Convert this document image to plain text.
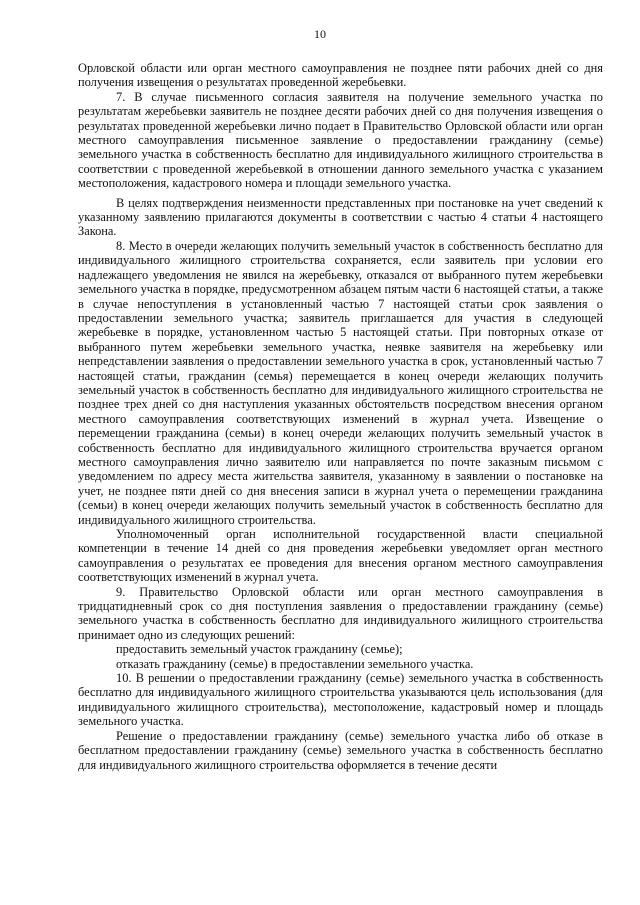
10

Орловской области или орган местного самоуправления не позднее пяти рабочих дней со дня получения извещения о результатах проведенной жеребьевки.

7. В случае письменного согласия заявителя на получение земельного участка по результатам жеребьевки заявитель не позднее десяти рабочих дней со дня получения извещения о результатах проведенной жеребьевки лично подает в Правительство Орловской области или орган местного самоуправления письменное заявление о предоставлении гражданину (семье) земельного участка в собственность бесплатно для индивидуального жилищного строительства в соответствии с проведенной жеребьевкой в отношении данного земельного участка с указанием местоположения, кадастрового номера и площади земельного участка.

В целях подтверждения неизменности представленных при постановке на учет сведений к указанному заявлению прилагаются документы в соответствии с частью 4 статьи 4 настоящего Закона.

8. Место в очереди желающих получить земельный участок в собственность бесплатно для индивидуального жилищного строительства сохраняется, если заявитель при условии его надлежащего уведомления не явился на жеребьевку, отказался от выбранного путем жеребьевки земельного участка в порядке, предусмотренном абзацем пятым части 6 настоящей статьи, а также в случае непоступления в установленный частью 7 настоящей статьи срок заявления о предоставлении земельного участка; заявитель приглашается для участия в следующей жеребьевке в порядке, установленном частью 5 настоящей статьи. При повторных отказе от выбранного путем жеребьевки земельного участка, неявке заявителя на жеребьевку или непредставлении заявления о предоставлении земельного участка в срок, установленный частью 7 настоящей статьи, гражданин (семья) перемещается в конец очереди желающих получить земельный участок в собственность бесплатно для индивидуального жилищного строительства не позднее трех дней со дня наступления указанных обстоятельств посредством внесения органом местного самоуправления соответствующих изменений в журнал учета. Извещение о перемещении гражданина (семьи) в конец очереди желающих получить земельный участок в собственность бесплатно для индивидуального жилищного строительства вручается органом местного самоуправления лично заявителю или направляется по почте заказным письмом с уведомлением по адресу места жительства заявителя, указанному в заявлении о постановке на учет, не позднее пяти дней со дня внесения записи в журнал учета о перемещении гражданина (семьи) в конец очереди желающих получить земельный участок в собственность бесплатно для индивидуального жилищного строительства.

Уполномоченный орган исполнительной государственной власти специальной компетенции в течение 14 дней со дня проведения жеребьевки уведомляет орган местного самоуправления о результатах ее проведения для внесения органом местного самоуправления соответствующих изменений в журнал учета.

9. Правительство Орловской области или орган местного самоуправления в тридцатидневный срок со дня поступления заявления о предоставлении гражданину (семье) земельного участка в собственность бесплатно для индивидуального жилищного строительства принимает одно из следующих решений:

предоставить земельный участок гражданину (семье);

отказать гражданину (семье) в предоставлении земельного участка.

10. В решении о предоставлении гражданину (семье) земельного участка в собственность бесплатно для индивидуального жилищного строительства указываются цель использования (для индивидуального жилищного строительства), местоположение, кадастровый номер и площадь земельного участка.

Решение о предоставлении гражданину (семье) земельного участка либо об отказе в бесплатном предоставлении гражданину (семье) земельного участка в собственность бесплатно для индивидуального жилищного строительства оформляется в течение десяти
